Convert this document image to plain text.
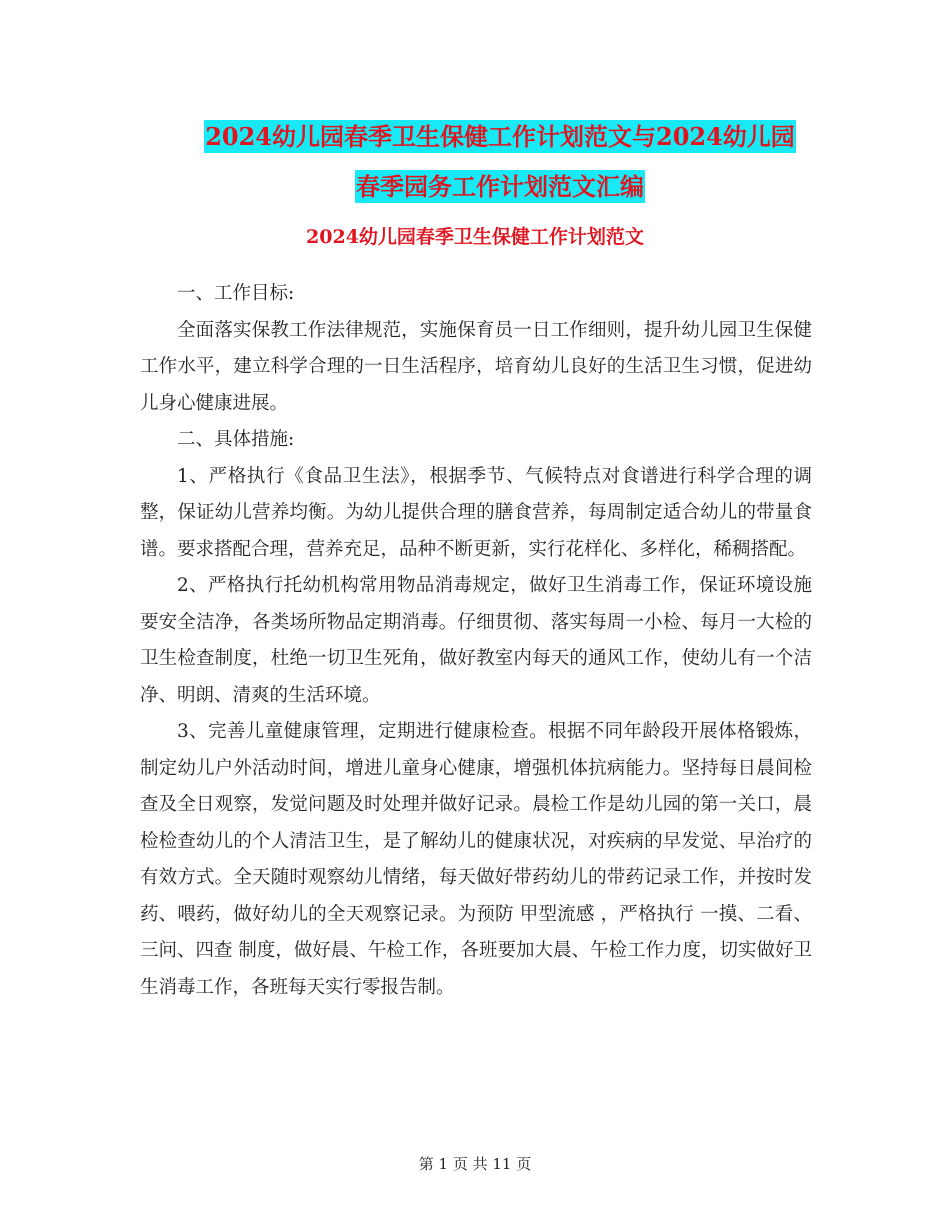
2024幼儿园春季卫生保健工作计划范文与2024幼儿园
春季园务工作计划范文汇编
2024幼儿园春季卫生保健工作计划范文

一、工作目标:

全面落实保教工作法律规范，实施保育员一日工作细则，提升幼儿园卫生保健工作水平，建立科学合理的一日生活程序，培育幼儿良好的生活卫生习惯，促进幼儿身心健康进展。

二、具体措施:

1、严格执行《食品卫生法》，根据季节、气候特点对食谱进行科学合理的调整，保证幼儿营养均衡。为幼儿提供合理的膳食营养，每周制定适合幼儿的带量食谱。要求搭配合理，营养充足，品种不断更新，实行花样化、多样化，稀稠搭配。

2、严格执行托幼机构常用物品消毒规定，做好卫生消毒工作，保证环境设施要安全洁净，各类场所物品定期消毒。仔细贯彻、落实每周一小检、每月一大检的卫生检查制度，杜绝一切卫生死角，做好教室内每天的通风工作，使幼儿有一个洁净、明朗、清爽的生活环境。

3、完善儿童健康管理，定期进行健康检查。根据不同年龄段开展体格锻炼，制定幼儿户外活动时间，增进儿童身心健康，增强机体抗病能力。坚持每日晨间检查及全日观察，发觉问题及时处理并做好记录。晨检工作是幼儿园的第一关口，晨检检查幼儿的个人清洁卫生，是了解幼儿的健康状况，对疾病的早发觉、早治疗的有效方式。全天随时观察幼儿情绪，每天做好带药幼儿的带药记录工作，并按时发药、喂药，做好幼儿的全天观察记录。为预防 甲型流感 ，严格执行 一摸、二看、三问、四查 制度，做好晨、午检工作，各班要加大晨、午检工作力度，切实做好卫生消毒工作，各班每天实行零报告制。

第 1 页 共 11 页
